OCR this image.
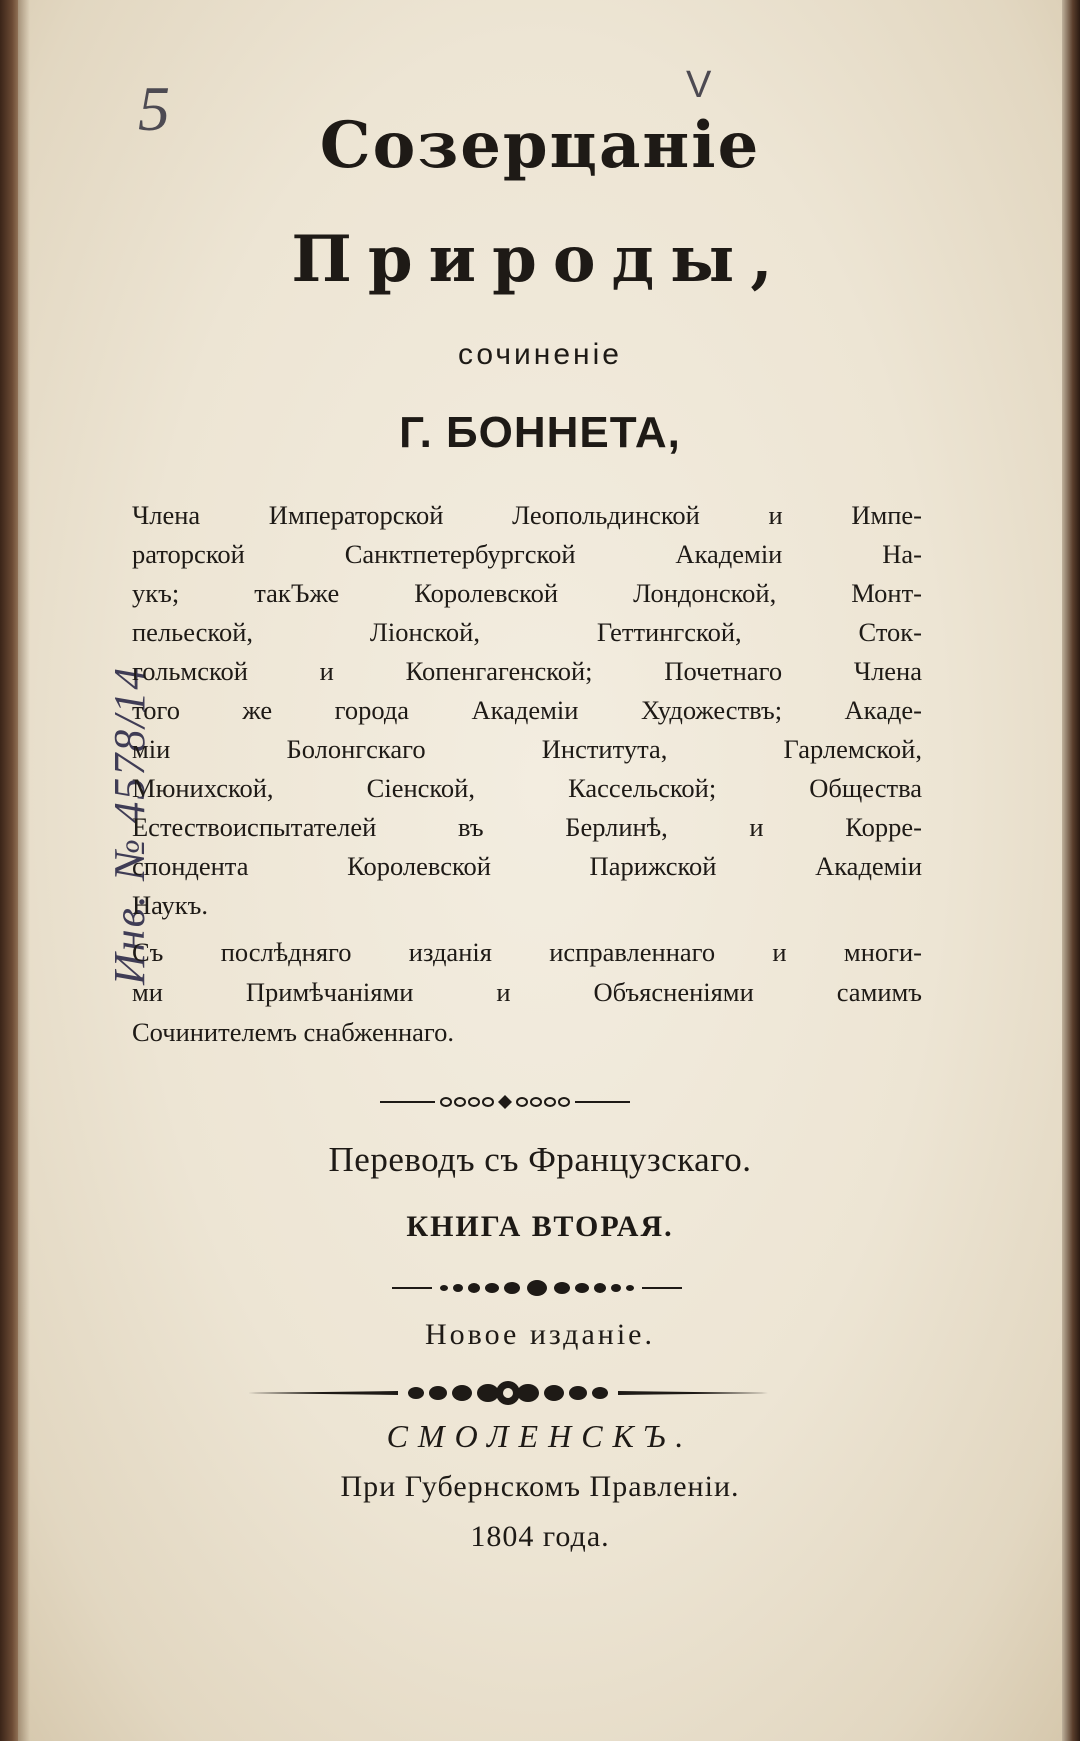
5	V
Инв. № 4578/14
Созерцаніе
Природы,
сочиненіе
Г. БОННЕТА,
Члена Императорской Леопольдинской и Импе-
раторской Санктпетербургской Академіи На-
укъ; такЪже Королевской Лондонской, Монт-
пельеской, Ліонской, Геттингской, Сток-
гольмской и Копенгагенской; Почетнаго Члена
того же города Академіи Художествъ; Акаде-
міи Болонгскаго Института, Гарлемской,
Мюнихской, Сіенской, Кассельской; Общества
Естествоиспытателей въ Берлинѣ, и Корре-
спондента Королевской Парижской Академіи
Наукъ.
Съ послѣдняго изданія исправленнаго и многи-
ми Примѣчаніями и Объясненіями самимъ
Сочинителемъ снабженнаго.
Переводъ съ Французскаго.
КНИГА ВТОРАЯ.
Новое изданіе.
СМОЛЕНСКЪ.
При Губернскомъ Правленіи.
1804 года.
